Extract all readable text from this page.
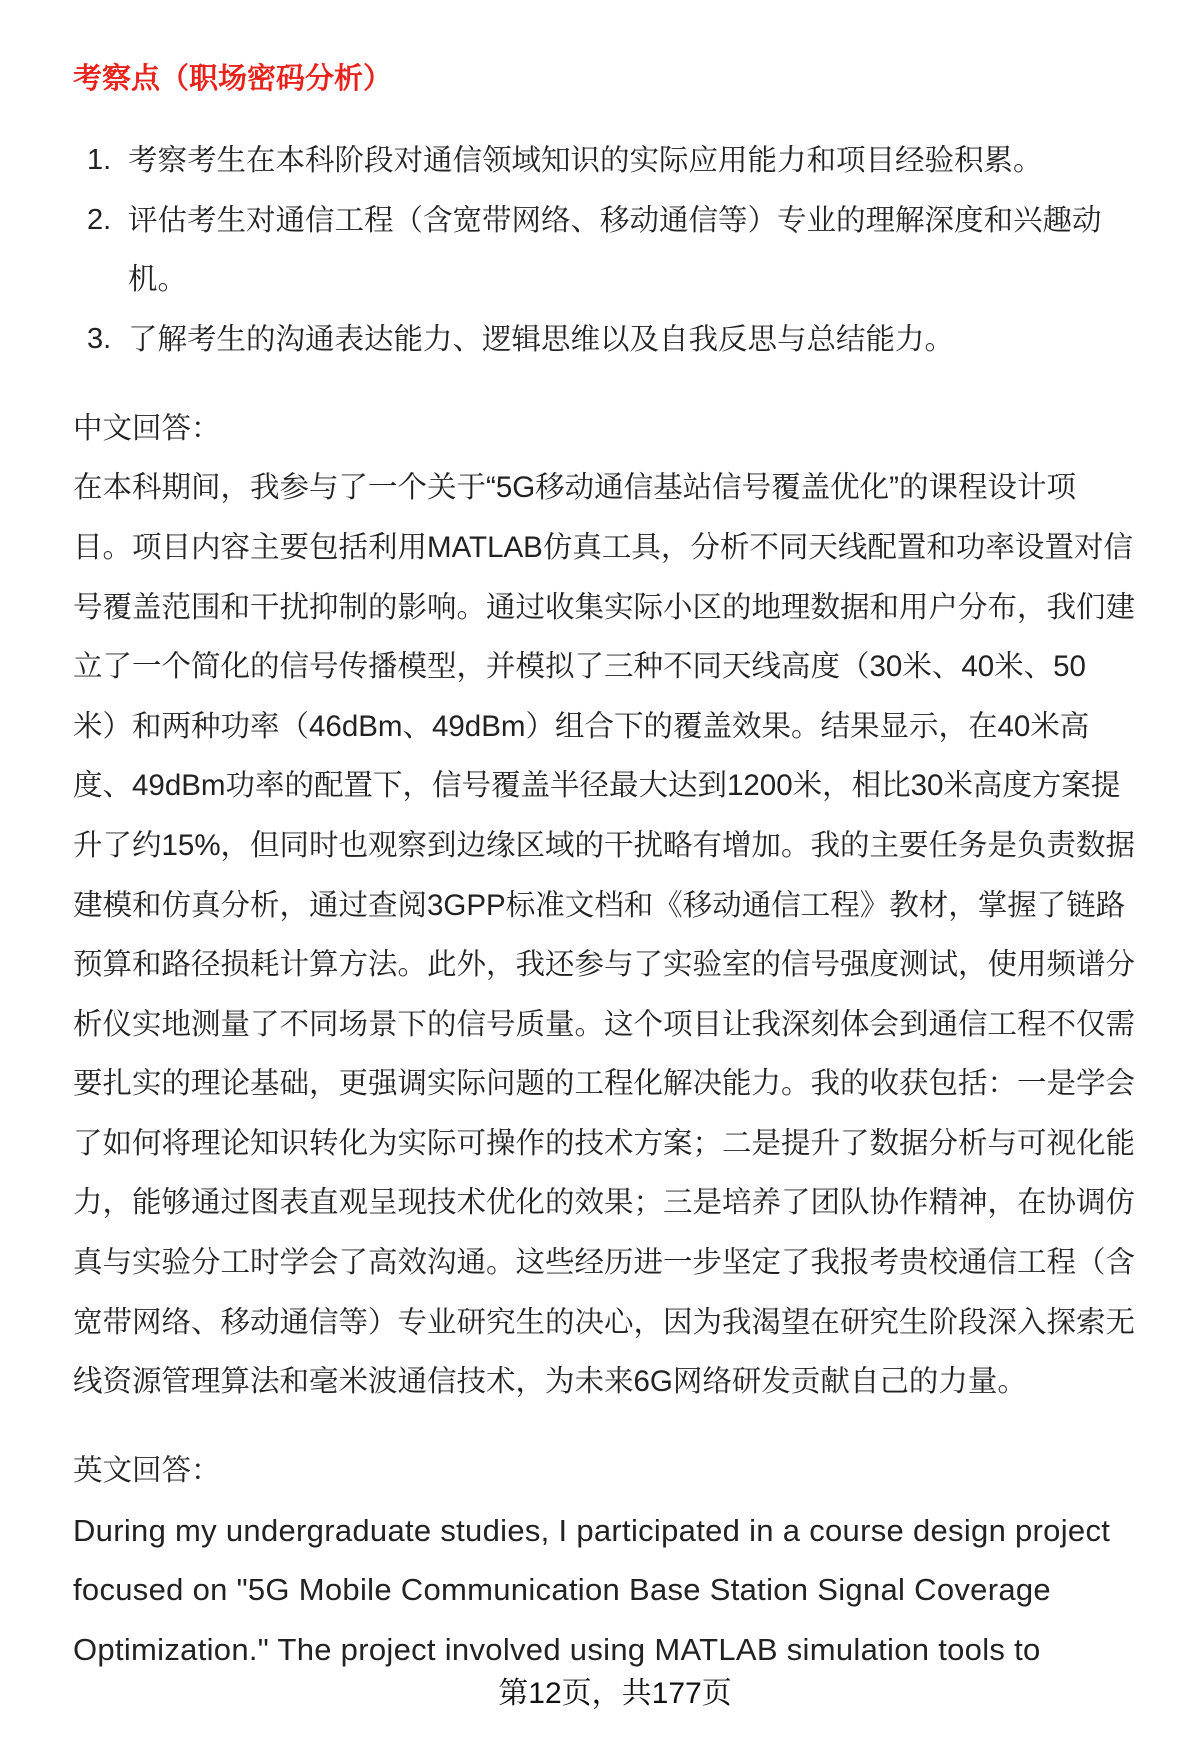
考察点（职场密码分析）
1. 考察考生在本科阶段对通信领域知识的实际应用能力和项目经验积累。
2. 评估考生对通信工程（含宽带网络、移动通信等）专业的理解深度和兴趣动
机。
3. 了解考生的沟通表达能力、逻辑思维以及自我反思与总结能力。
中文回答：
在本科期间，我参与了一个关于“5G移动通信基站信号覆盖优化”的课程设计项
目。项目内容主要包括利用MATLAB仿真工具，分析不同天线配置和功率设置对信
号覆盖范围和干扰抑制的影响。通过收集实际小区的地理数据和用户分布，我们建
立了一个简化的信号传播模型，并模拟了三种不同天线高度（30米、40米、50
米）和两种功率（46dBm、49dBm）组合下的覆盖效果。结果显示，在40米高
度、49dBm功率的配置下，信号覆盖半径最大达到1200米，相比30米高度方案提
升了约15%，但同时也观察到边缘区域的干扰略有增加。我的主要任务是负责数据
建模和仿真分析，通过查阅3GPP标准文档和《移动通信工程》教材，掌握了链路
预算和路径损耗计算方法。此外，我还参与了实验室的信号强度测试，使用频谱分
析仪实地测量了不同场景下的信号质量。这个项目让我深刻体会到通信工程不仅需
要扎实的理论基础，更强调实际问题的工程化解决能力。我的收获包括：一是学会
了如何将理论知识转化为实际可操作的技术方案；二是提升了数据分析与可视化能
力，能够通过图表直观呈现技术优化的效果；三是培养了团队协作精神，在协调仿
真与实验分工时学会了高效沟通。这些经历进一步坚定了我报考贵校通信工程（含
宽带网络、移动通信等）专业研究生的决心，因为我渴望在研究生阶段深入探索无
线资源管理算法和毫米波通信技术，为未来6G网络研发贡献自己的力量。
英文回答：
During my undergraduate studies, I participated in a course design project
focused on "5G Mobile Communication Base Station Signal Coverage
Optimization." The project involved using MATLAB simulation tools to
第12页，共177页
